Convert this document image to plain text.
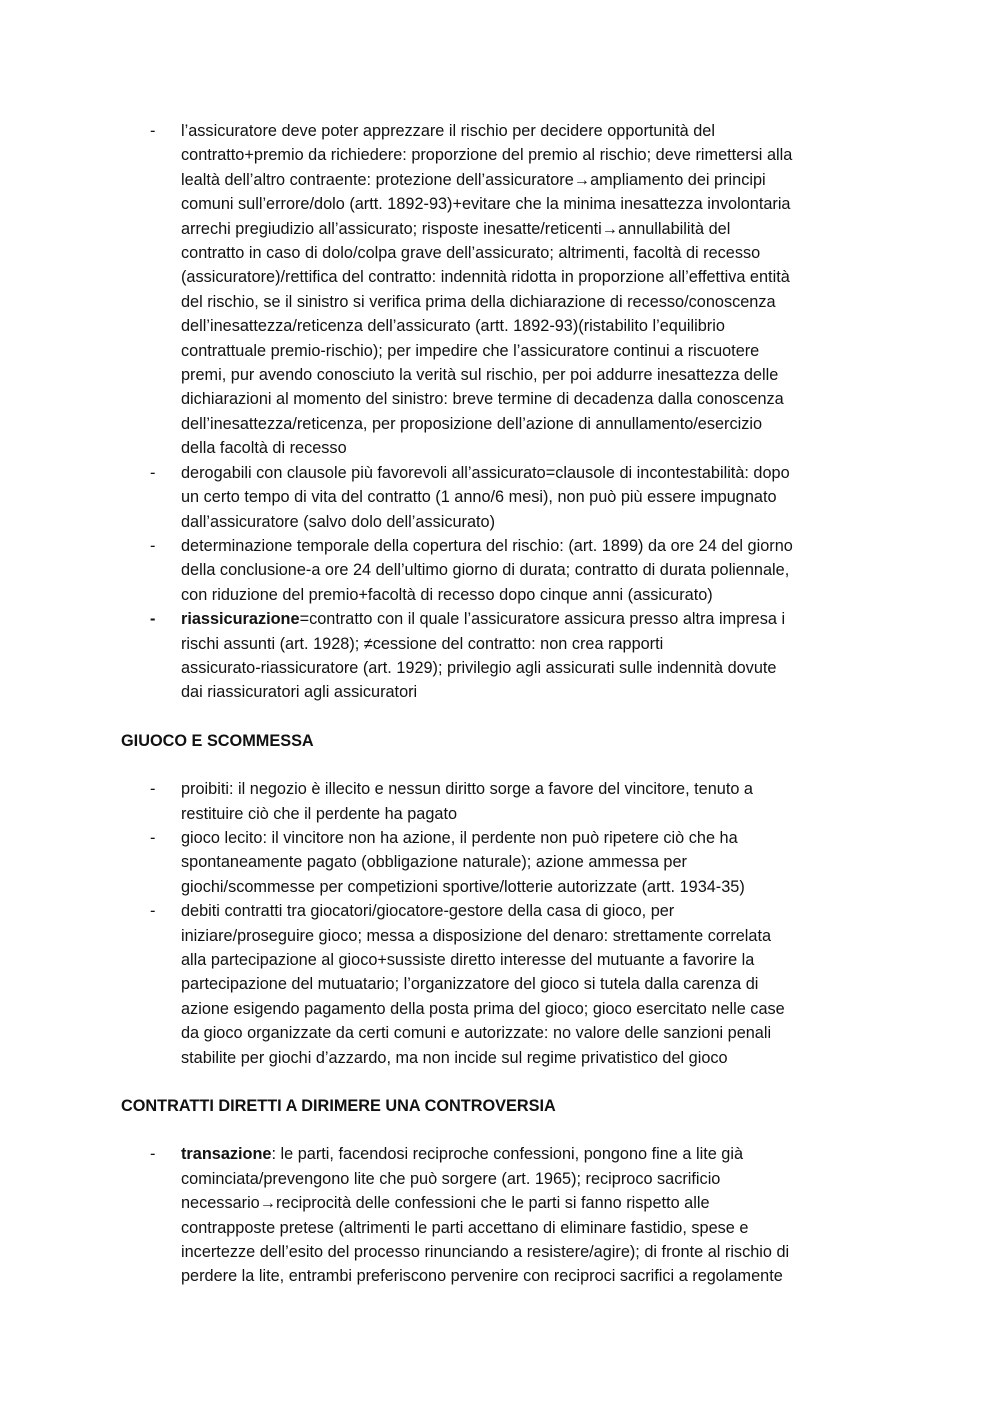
- l’assicuratore deve poter apprezzare il rischio per decidere opportunità del
contratto+premio da richiedere: proporzione del premio al rischio; deve rimettersi alla
lealtà dell’altro contraente: protezione dell’assicuratore→ampliamento dei principi
comuni sull’errore/dolo (artt. 1892-93)+evitare che la minima inesattezza involontaria
arrechi pregiudizio all’assicurato; risposte inesatte/reticenti→annullabilità del
contratto in caso di dolo/colpa grave dell’assicurato; altrimenti, facoltà di recesso
(assicuratore)/rettifica del contratto: indennità ridotta in proporzione all’effettiva entità
del rischio, se il sinistro si verifica prima della dichiarazione di recesso/conoscenza
dell’inesattezza/reticenza dell’assicurato (artt. 1892-93)(ristabilito l’equilibrio
contrattuale premio-rischio); per impedire che l’assicuratore continui a riscuotere
premi, pur avendo conosciuto la verità sul rischio, per poi addurre inesattezza delle
dichiarazioni al momento del sinistro: breve termine di decadenza dalla conoscenza
dell’inesattezza/reticenza, per proposizione dell’azione di annullamento/esercizio
della facoltà di recesso
- derogabili con clausole più favorevoli all’assicurato=clausole di incontestabilità: dopo
un certo tempo di vita del contratto (1 anno/6 mesi), non può più essere impugnato
dall’assicuratore (salvo dolo dell’assicurato)
- determinazione temporale della copertura del rischio: (art. 1899) da ore 24 del giorno
della conclusione-a ore 24 dell’ultimo giorno di durata; contratto di durata poliennale,
con riduzione del premio+facoltà di recesso dopo cinque anni (assicurato)
- riassicurazione=contratto con il quale l’assicuratore assicura presso altra impresa i
rischi assunti (art. 1928); ≠cessione del contratto: non crea rapporti
assicurato-riassicuratore (art. 1929); privilegio agli assicurati sulle indennità dovute
dai riassicuratori agli assicuratori
GIUOCO E SCOMMESSA
- proibiti: il negozio è illecito e nessun diritto sorge a favore del vincitore, tenuto a
restituire ciò che il perdente ha pagato
- gioco lecito: il vincitore non ha azione, il perdente non può ripetere ciò che ha
spontaneamente pagato (obbligazione naturale); azione ammessa per
giochi/scommesse per competizioni sportive/lotterie autorizzate (artt. 1934-35)
- debiti contratti tra giocatori/giocatore-gestore della casa di gioco, per
iniziare/proseguire gioco; messa a disposizione del denaro: strettamente correlata
alla partecipazione al gioco+sussiste diretto interesse del mutuante a favorire la
partecipazione del mutuatario; l’organizzatore del gioco si tutela dalla carenza di
azione esigendo pagamento della posta prima del gioco; gioco esercitato nelle case
da gioco organizzate da certi comuni e autorizzate: no valore delle sanzioni penali
stabilite per giochi d’azzardo, ma non incide sul regime privatistico del gioco
CONTRATTI DIRETTI A DIRIMERE UNA CONTROVERSIA
- transazione: le parti, facendosi reciproche confessioni, pongono fine a lite già
cominciata/prevengono lite che può sorgere (art. 1965); reciproco sacrificio
necessario→reciprocità delle confessioni che le parti si fanno rispetto alle
contrapposte pretese (altrimenti le parti accettano di eliminare fastidio, spese e
incertezze dell’esito del processo rinunciando a resistere/agire); di fronte al rischio di
perdere la lite, entrambi preferiscono pervenire con reciproci sacrifici a regolamente
